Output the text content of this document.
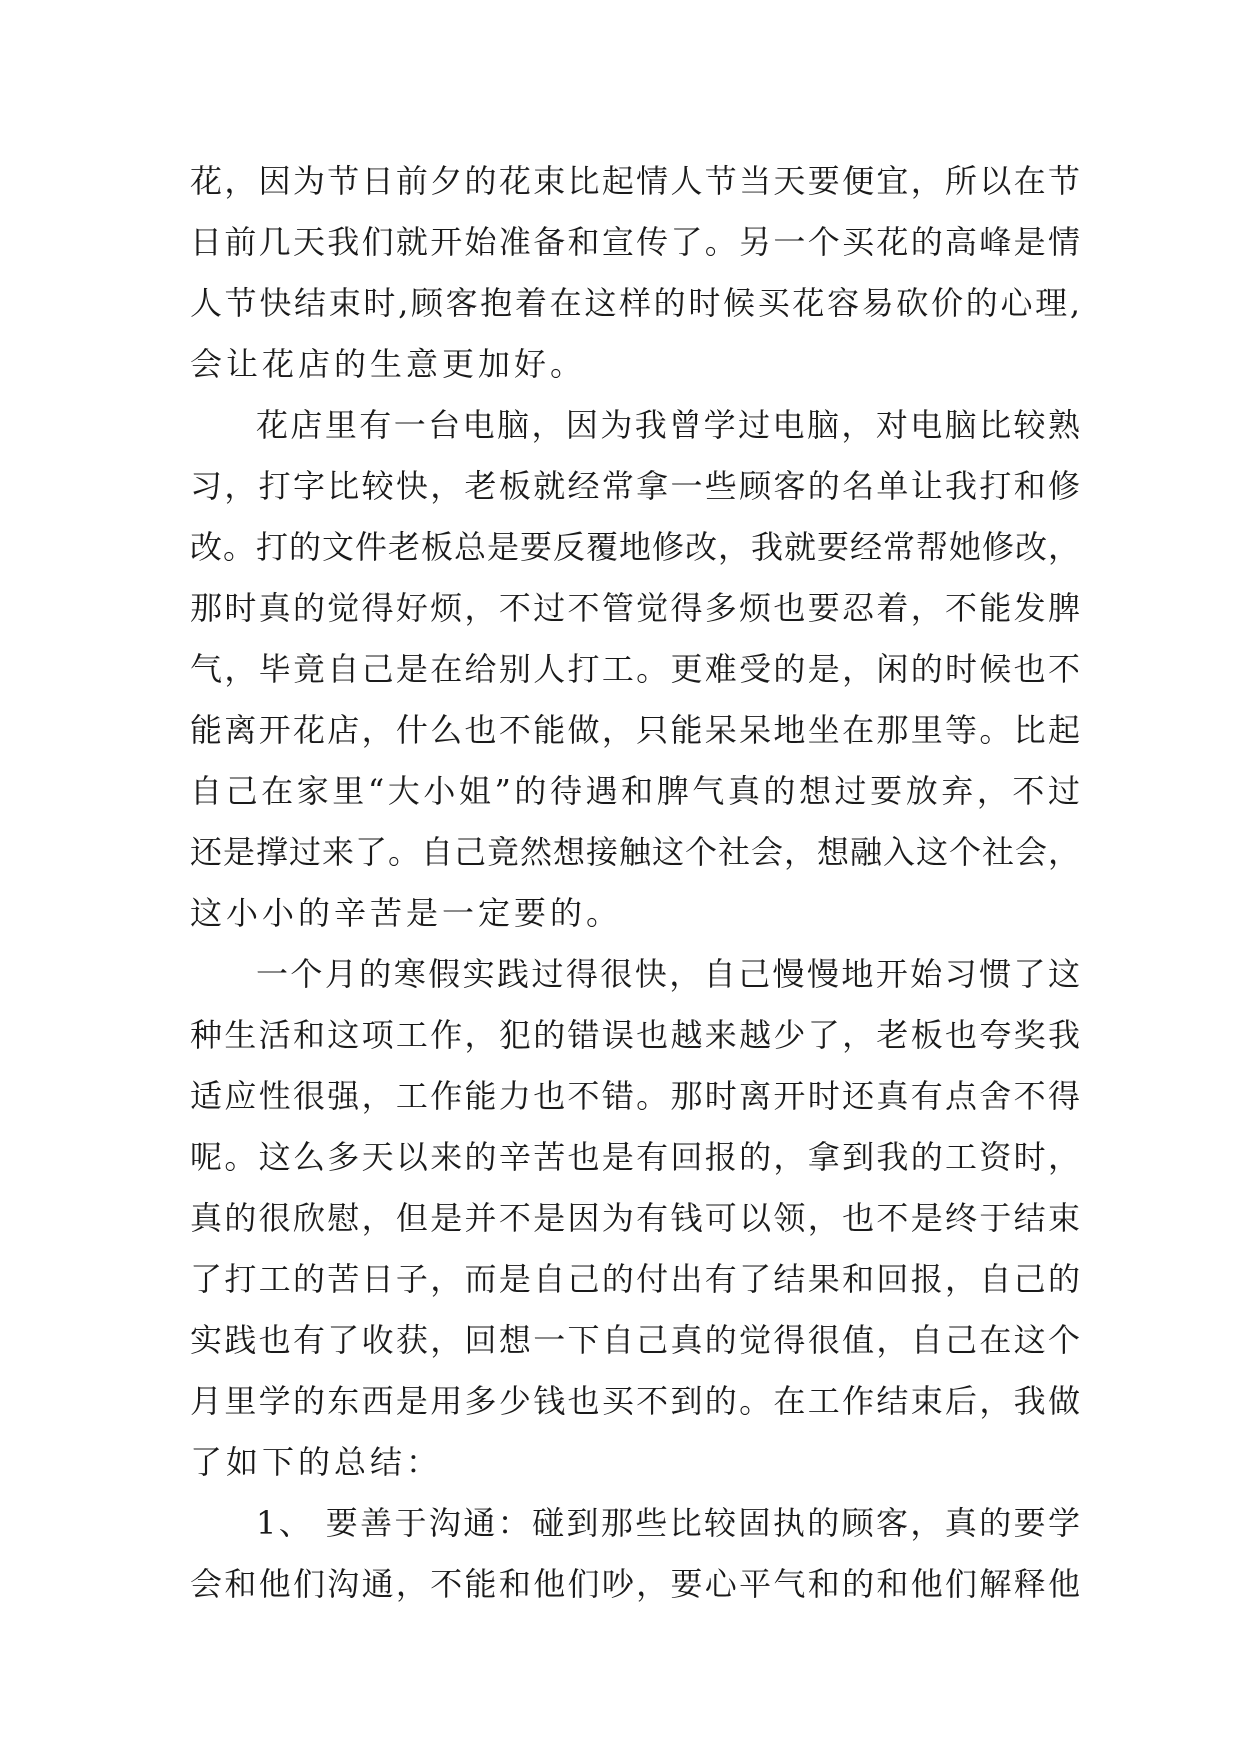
花，因为节日前夕的花束比起情人节当天要便宜，所以在节
日前几天我们就开始准备和宣传了。另一个买花的高峰是情
人节快结束时,顾客抱着在这样的时候买花容易砍价的心理,
会让花店的生意更加好。
花店里有一台电脑，因为我曾学过电脑，对电脑比较熟
习，打字比较快，老板就经常拿一些顾客的名单让我打和修
改。打的文件老板总是要反覆地修改，我就要经常帮她修改，
那时真的觉得好烦，不过不管觉得多烦也要忍着，不能发脾
气，毕竟自己是在给别人打工。更难受的是，闲的时候也不
能离开花店，什么也不能做，只能呆呆地坐在那里等。比起
自己在家里“大小姐”的待遇和脾气真的想过要放弃，不过
还是撑过来了。自己竟然想接触这个社会，想融入这个社会，
这小小的辛苦是一定要的。
一个月的寒假实践过得很快，自己慢慢地开始习惯了这
种生活和这项工作，犯的错误也越来越少了，老板也夸奖我
适应性很强，工作能力也不错。那时离开时还真有点舍不得
呢。这么多天以来的辛苦也是有回报的，拿到我的工资时，
真的很欣慰，但是并不是因为有钱可以领，也不是终于结束
了打工的苦日子，而是自己的付出有了结果和回报，自己的
实践也有了收获，回想一下自己真的觉得很值，自己在这个
月里学的东西是用多少钱也买不到的。在工作结束后，我做
了如下的总结：
1、 要善于沟通：碰到那些比较固执的顾客，真的要学
会和他们沟通，不能和他们吵，要心平气和的和他们解释他
